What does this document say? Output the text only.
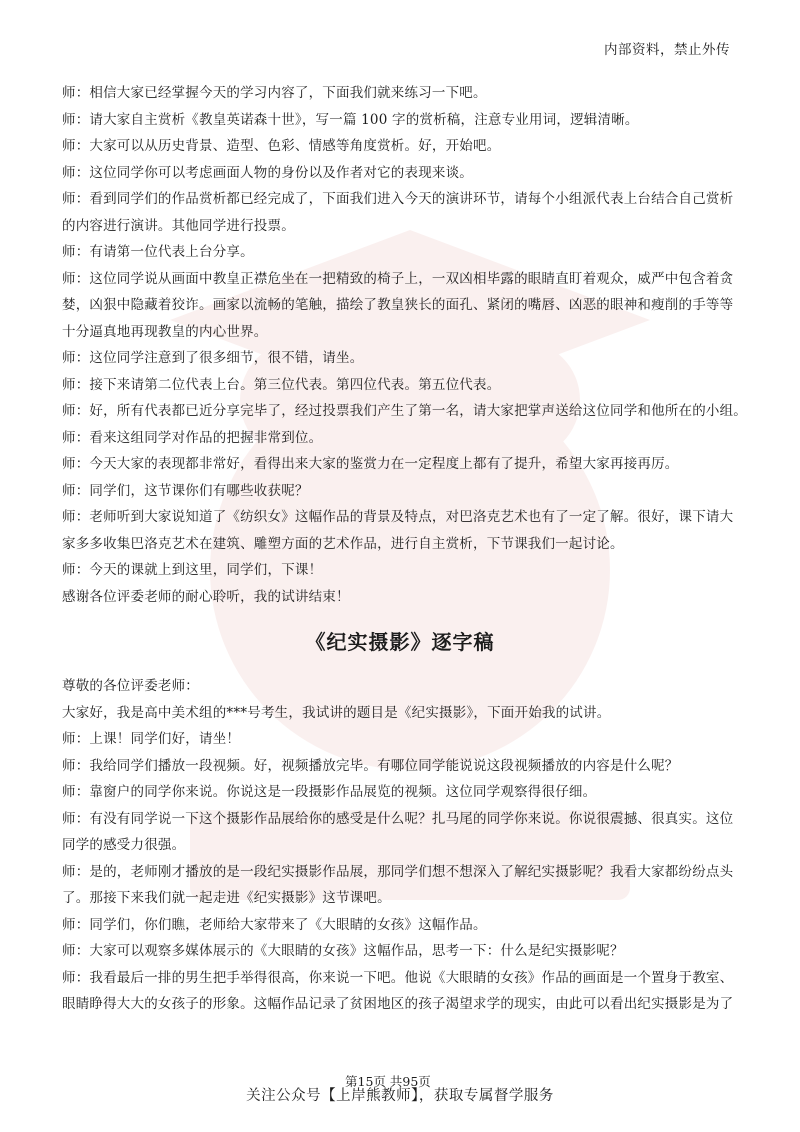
内部资料，禁止外传
师：相信大家已经掌握今天的学习内容了，下面我们就来练习一下吧。
师：请大家自主赏析《教皇英诺森十世》，写一篇 100 字的赏析稿，注意专业用词，逻辑清晰。
师：大家可以从历史背景、造型、色彩、情感等角度赏析。好，开始吧。
师：这位同学你可以考虑画面人物的身份以及作者对它的表现来谈。
师：看到同学们的作品赏析都已经完成了，下面我们进入今天的演讲环节，请每个小组派代表上台结合自己赏析
的内容进行演讲。其他同学进行投票。
师：有请第一位代表上台分享。
师：这位同学说从画面中教皇正襟危坐在一把精致的椅子上，一双凶相毕露的眼睛直盯着观众，威严中包含着贪
婪，凶狠中隐藏着狡诈。画家以流畅的笔触，描绘了教皇狭长的面孔、紧闭的嘴唇、凶恶的眼神和瘦削的手等等
十分逼真地再现教皇的内心世界。
师：这位同学注意到了很多细节，很不错，请坐。
师：接下来请第二位代表上台。第三位代表。第四位代表。第五位代表。
师：好，所有代表都已近分享完毕了，经过投票我们产生了第一名，请大家把掌声送给这位同学和他所在的小组。
师：看来这组同学对作品的把握非常到位。
师：今天大家的表现都非常好，看得出来大家的鉴赏力在一定程度上都有了提升，希望大家再接再厉。
师：同学们，这节课你们有哪些收获呢？
师：老师听到大家说知道了《纺织女》这幅作品的背景及特点，对巴洛克艺术也有了一定了解。很好，课下请大
家多多收集巴洛克艺术在建筑、雕塑方面的艺术作品，进行自主赏析，下节课我们一起讨论。
师：今天的课就上到这里，同学们，下课！
感谢各位评委老师的耐心聆听，我的试讲结束！
《纪实摄影》逐字稿
尊敬的各位评委老师：
大家好，我是高中美术组的***号考生，我试讲的题目是《纪实摄影》，下面开始我的试讲。
师：上课！同学们好，请坐！
师：我给同学们播放一段视频。好，视频播放完毕。有哪位同学能说说这段视频播放的内容是什么呢？
师：靠窗户的同学你来说。你说这是一段摄影作品展览的视频。这位同学观察得很仔细。
师：有没有同学说一下这个摄影作品展给你的感受是什么呢？扎马尾的同学你来说。你说很震撼、很真实。这位
同学的感受力很强。
师：是的，老师刚才播放的是一段纪实摄影作品展，那同学们想不想深入了解纪实摄影呢？我看大家都纷纷点头
了。那接下来我们就一起走进《纪实摄影》这节课吧。
师：同学们，你们瞧，老师给大家带来了《大眼睛的女孩》这幅作品。
师：大家可以观察多媒体展示的《大眼睛的女孩》这幅作品，思考一下：什么是纪实摄影呢？
师：我看最后一排的男生把手举得很高，你来说一下吧。他说《大眼睛的女孩》作品的画面是一个置身于教室、
眼睛睁得大大的女孩子的形象。这幅作品记录了贫困地区的孩子渴望求学的现实，由此可以看出纪实摄影是为了
第15页 共95页
关注公众号【上岸熊教师】，获取专属督学服务
